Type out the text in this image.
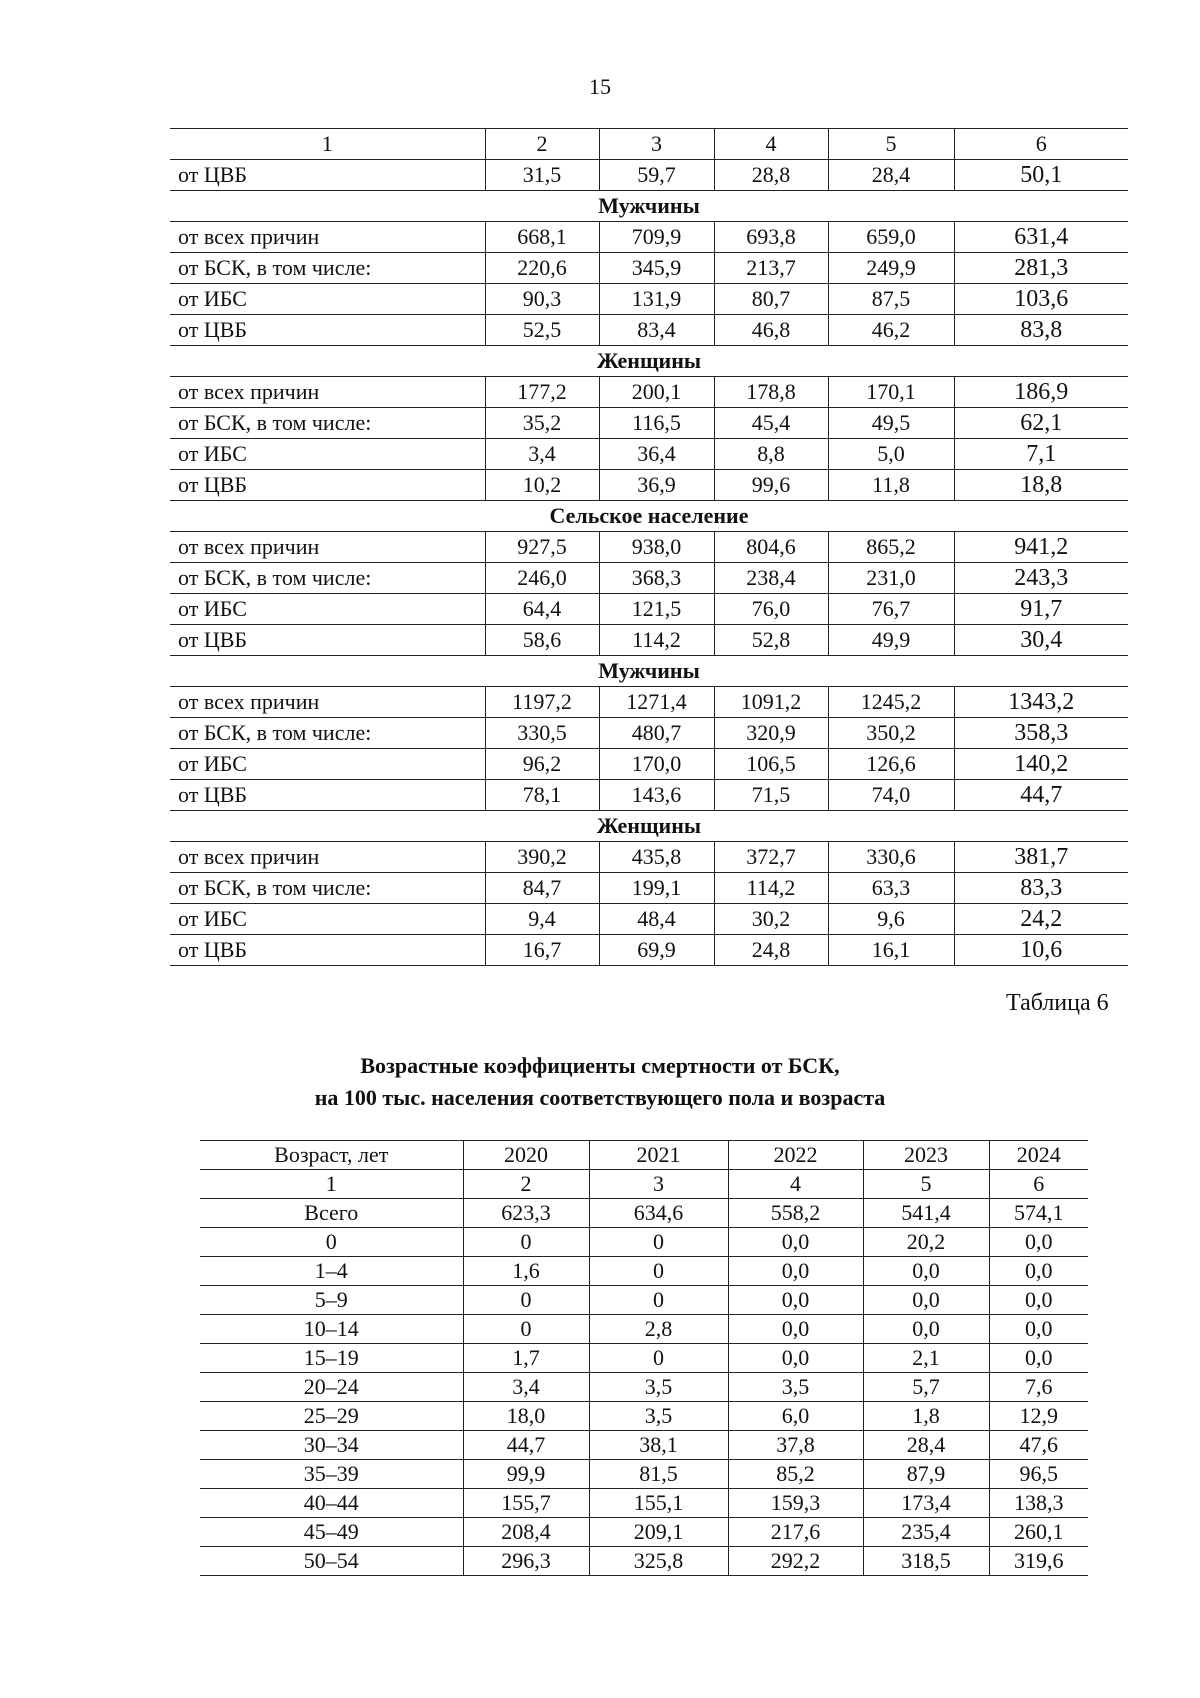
15
1	2	3	4	5	6
от ЦВБ	31,5	59,7	28,8	28,4	50,1
Мужчины					
от всех причин	668,1	709,9	693,8	659,0	631,4
от БСК, в том числе:	220,6	345,9	213,7	249,9	281,3
от ИБС	90,3	131,9	80,7	87,5	103,6
от ЦВБ	52,5	83,4	46,8	46,2	83,8
Женщины					
от всех причин	177,2	200,1	178,8	170,1	186,9
от БСК, в том числе:	35,2	116,5	45,4	49,5	62,1
от ИБС	3,4	36,4	8,8	5,0	7,1
от ЦВБ	10,2	36,9	99,6	11,8	18,8
Сельское население					
от всех причин	927,5	938,0	804,6	865,2	941,2
от БСК, в том числе:	246,0	368,3	238,4	231,0	243,3
от ИБС	64,4	121,5	76,0	76,7	91,7
от ЦВБ	58,6	114,2	52,8	49,9	30,4
Мужчины					
от всех причин	1197,2	1271,4	1091,2	1245,2	1343,2
от БСК, в том числе:	330,5	480,7	320,9	350,2	358,3
от ИБС	96,2	170,0	106,5	126,6	140,2
от ЦВБ	78,1	143,6	71,5	74,0	44,7
Женщины					
от всех причин	390,2	435,8	372,7	330,6	381,7
от БСК, в том числе:	84,7	199,1	114,2	63,3	83,3
от ИБС	9,4	48,4	30,2	9,6	24,2
от ЦВБ	16,7	69,9	24,8	16,1	10,6
Таблица 6
Возрастные коэффициенты смертности от БСК,
на 100 тыс. населения соответствующего пола и возраста
Возраст, лет	2020	2021	2022	2023	2024
1	2	3	4	5	6
Всего	623,3	634,6	558,2	541,4	574,1
0	0	0	0,0	20,2	0,0
1–4	1,6	0	0,0	0,0	0,0
5–9	0	0	0,0	0,0	0,0
10–14	0	2,8	0,0	0,0	0,0
15–19	1,7	0	0,0	2,1	0,0
20–24	3,4	3,5	3,5	5,7	7,6
25–29	18,0	3,5	6,0	1,8	12,9
30–34	44,7	38,1	37,8	28,4	47,6
35–39	99,9	81,5	85,2	87,9	96,5
40–44	155,7	155,1	159,3	173,4	138,3
45–49	208,4	209,1	217,6	235,4	260,1
50–54	296,3	325,8	292,2	318,5	319,6
